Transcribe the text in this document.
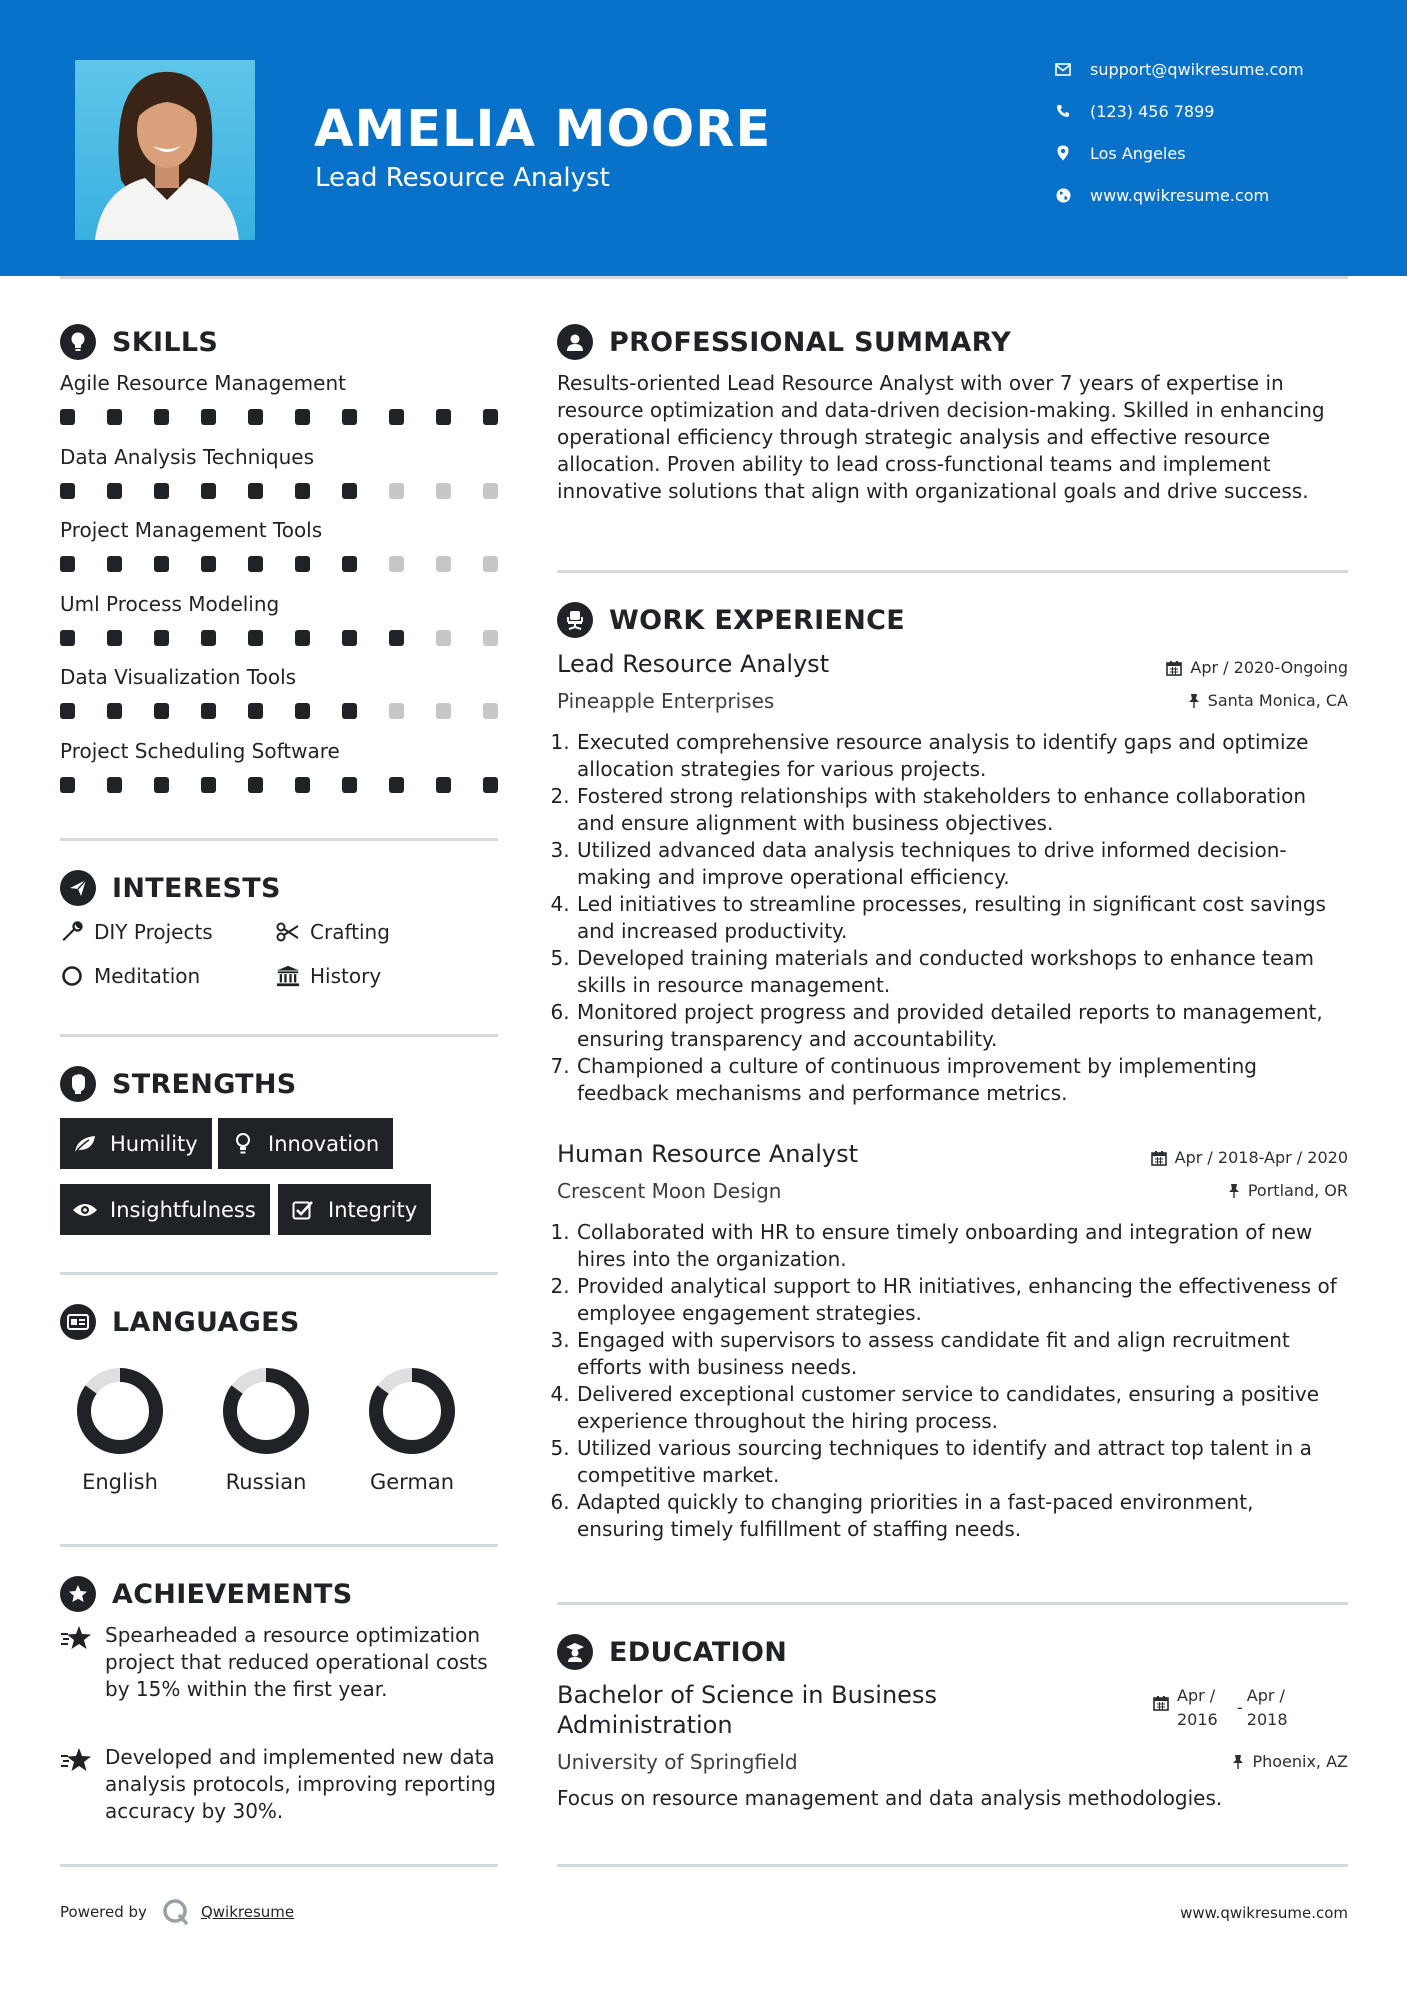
AMELIA MOORE
Lead Resource Analyst
support@qwikresume.com
(123) 456 7899
Los Angeles
www.qwikresume.com
SKILLS
Agile Resource Management
Data Analysis Techniques
Project Management Tools
Uml Process Modeling
Data Visualization Tools
Project Scheduling Software
INTERESTS
DIY Projects	Crafting
Meditation	History
STRENGTHS
Humility	Innovation
Insightfulness	Integrity
LANGUAGES
English	Russian	German
ACHIEVEMENTS
Spearheaded a resource optimization project that reduced operational costs by 15% within the first year.
Developed and implemented new data analysis protocols, improving reporting accuracy by 30%.
PROFESSIONAL SUMMARY
Results-oriented Lead Resource Analyst with over 7 years of expertise in resource optimization and data-driven decision-making. Skilled in enhancing operational efficiency through strategic analysis and effective resource allocation. Proven ability to lead cross-functional teams and implement innovative solutions that align with organizational goals and drive success.
WORK EXPERIENCE
Lead Resource Analyst	Apr / 2020-Ongoing
Pineapple Enterprises	Santa Monica, CA
1. Executed comprehensive resource analysis to identify gaps and optimize allocation strategies for various projects.
2. Fostered strong relationships with stakeholders to enhance collaboration and ensure alignment with business objectives.
3. Utilized advanced data analysis techniques to drive informed decision-making and improve operational efficiency.
4. Led initiatives to streamline processes, resulting in significant cost savings and increased productivity.
5. Developed training materials and conducted workshops to enhance team skills in resource management.
6. Monitored project progress and provided detailed reports to management, ensuring transparency and accountability.
7. Championed a culture of continuous improvement by implementing feedback mechanisms and performance metrics.
Human Resource Analyst	Apr / 2018-Apr / 2020
Crescent Moon Design	Portland, OR
1. Collaborated with HR to ensure timely onboarding and integration of new hires into the organization.
2. Provided analytical support to HR initiatives, enhancing the effectiveness of employee engagement strategies.
3. Engaged with supervisors to assess candidate fit and align recruitment efforts with business needs.
4. Delivered exceptional customer service to candidates, ensuring a positive experience throughout the hiring process.
5. Utilized various sourcing techniques to identify and attract top talent in a competitive market.
6. Adapted quickly to changing priorities in a fast-paced environment, ensuring timely fulfillment of staffing needs.
EDUCATION
Bachelor of Science in Business Administration
Apr / 2016
-
Apr / 2018
University of Springfield	Phoenix, AZ
Focus on resource management and data analysis methodologies.
Powered by	Qwikresume	www.qwikresume.com
